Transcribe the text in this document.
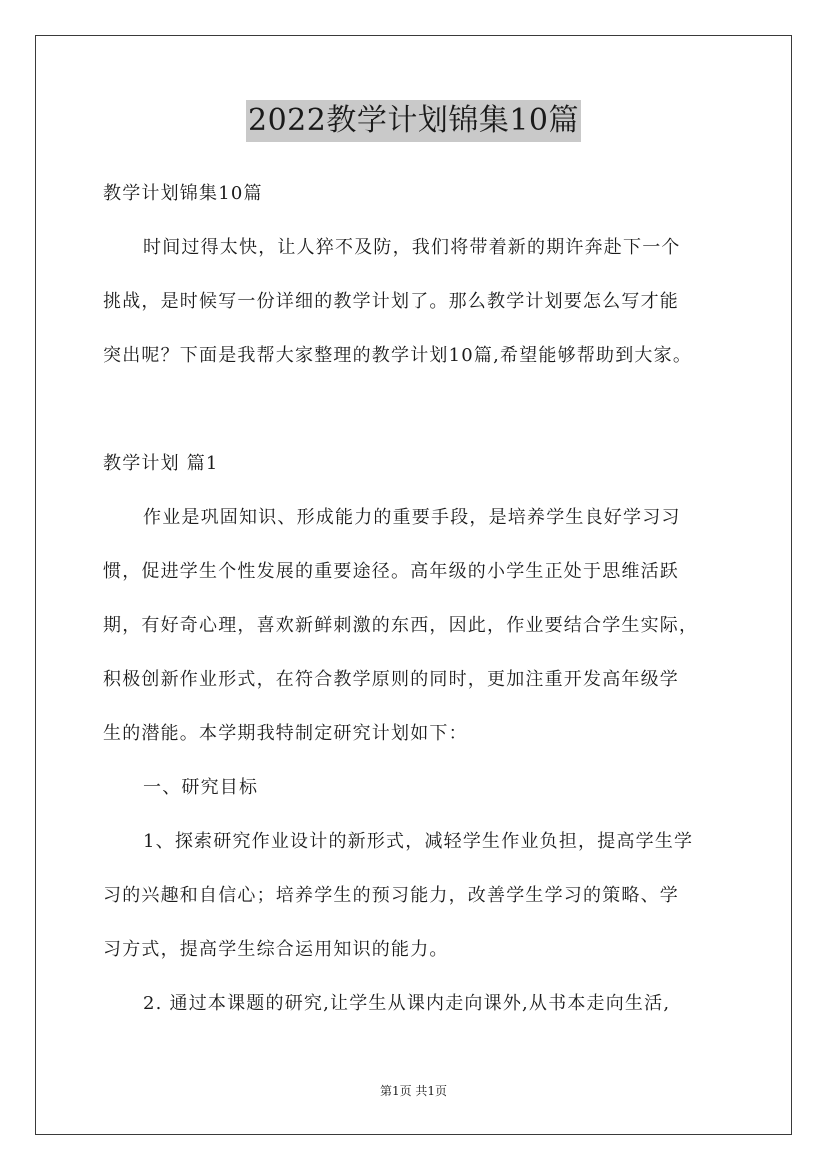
2022教学计划锦集10篇
教学计划锦集10篇
时间过得太快，让人猝不及防，我们将带着新的期许奔赴下一个
挑战，是时候写一份详细的教学计划了。那么教学计划要怎么写才能
突出呢？下面是我帮大家整理的教学计划10篇,希望能够帮助到大家。
教学计划 篇1
作业是巩固知识、形成能力的重要手段，是培养学生良好学习习
惯，促进学生个性发展的重要途径。高年级的小学生正处于思维活跃
期，有好奇心理，喜欢新鲜刺激的东西，因此，作业要结合学生实际，
积极创新作业形式，在符合教学原则的同时，更加注重开发高年级学
生的潜能。本学期我特制定研究计划如下：
一、研究目标
1、探索研究作业设计的新形式，减轻学生作业负担，提高学生学
习的兴趣和自信心；培养学生的预习能力，改善学生学习的策略、学
习方式，提高学生综合运用知识的能力。
2. 通过本课题的研究,让学生从课内走向课外,从书本走向生活,
第1页 共1页
